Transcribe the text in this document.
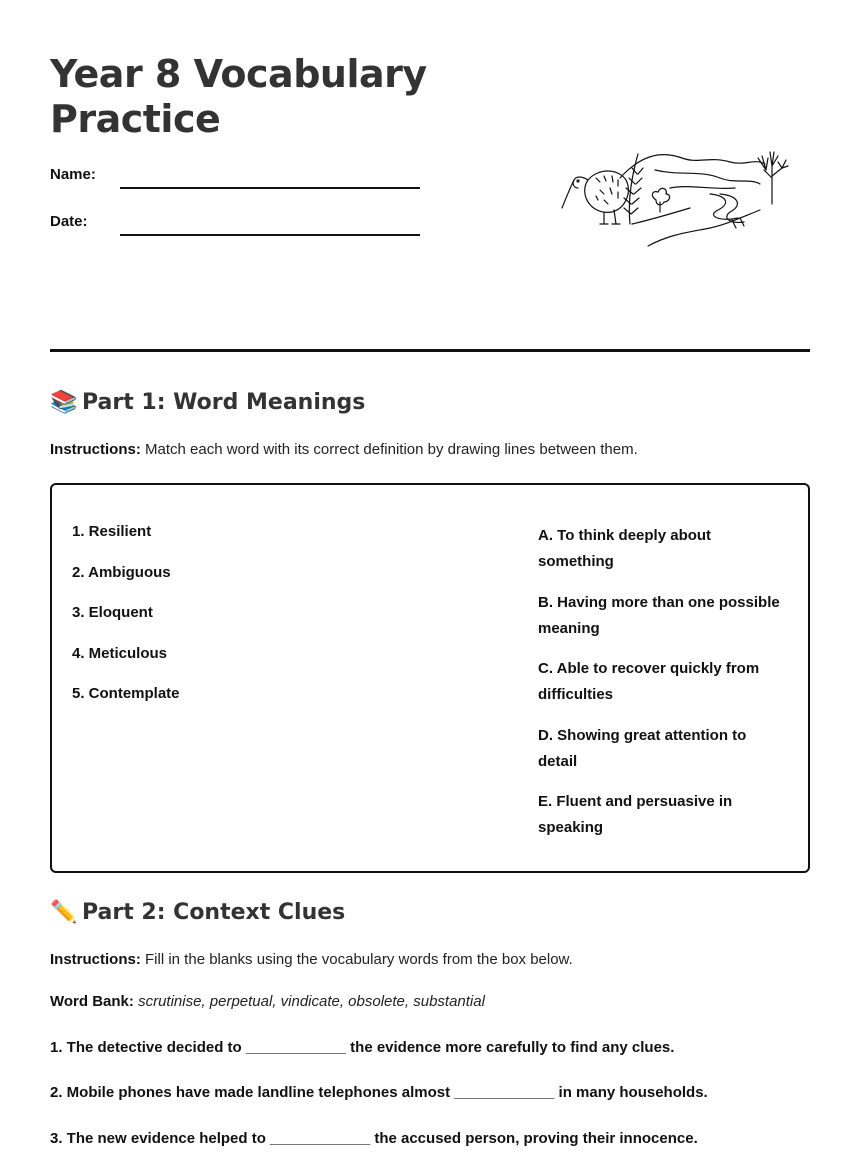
Year 8 Vocabulary
Practice
Name:
Date:
📚 Part 1: Word Meanings
Instructions: Match each word with its correct definition by drawing lines between them.
1. Resilient
2. Ambiguous
3. Eloquent
4. Meticulous
5. Contemplate
A. To think deeply about something
B. Having more than one possible meaning
C. Able to recover quickly from difficulties
D. Showing great attention to detail
E. Fluent and persuasive in speaking
✏️ Part 2: Context Clues
Instructions: Fill in the blanks using the vocabulary words from the box below.
Word Bank: scrutinise, perpetual, vindicate, obsolete, substantial
1. The detective decided to ____________ the evidence more carefully to find any clues.
2. Mobile phones have made landline telephones almost ____________ in many households.
3. The new evidence helped to ____________ the accused person, proving their innocence.
